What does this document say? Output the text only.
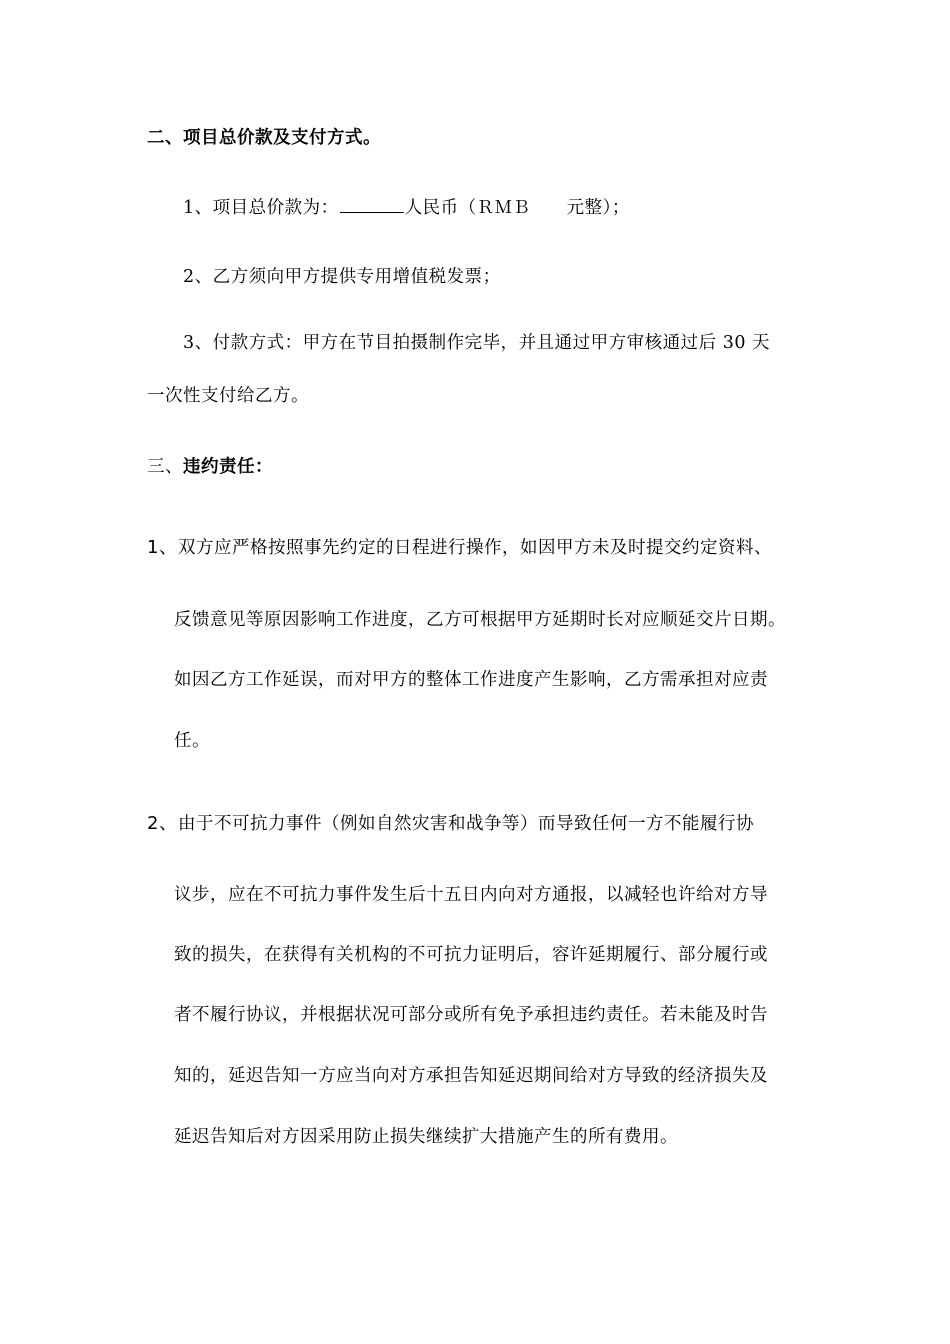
二、项目总价款及支付方式。
1、项目总价款为：	人民币（ＲＭＢ 元整）；
2、乙方须向甲方提供专用增值税发票；
3、付款方式：甲方在节目拍摄制作完毕，并且通过甲方审核通过后 30 天
一次性支付给乙方。
三、违约责任：
1、 双方应严格按照事先约定的日程进行操作，如因甲方未及时提交约定资料、
反馈意见等原因影响工作进度，乙方可根据甲方延期时长对应顺延交片日期。
如因乙方工作延误，而对甲方的整体工作进度产生影响，乙方需承担对应责
任。
2、 由于不可抗力事件（例如自然灾害和战争等）而导致任何一方不能履行协
议步，应在不可抗力事件发生后十五日内向对方通报，以减轻也许给对方导
致的损失，在获得有关机构的不可抗力证明后，容许延期履行、部分履行或
者不履行协议，并根据状况可部分或所有免予承担违约责任。若未能及时告
知的，延迟告知一方应当向对方承担告知延迟期间给对方导致的经济损失及
延迟告知后对方因采用防止损失继续扩大措施产生的所有费用。
